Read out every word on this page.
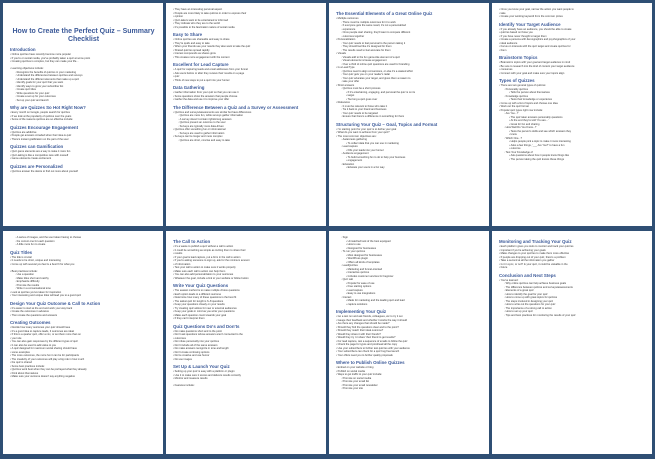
How to Create the Perfect Quiz – Summary Checklist
Introduction
• Online quizzes have recently become more popular
• If you're on social media, you've probably taken a quiz at some point
• Creating quizzes is complex, but they can make your life...
• Learning objectives include:
◦ Recognize the benefits of quizzes in your marketing
◦ Understand the differences between quizzes and surveys
◦ Understand the different elements that make up a quiz
◦ Identify goals for your quiz that you want
◦ Identify ways to grow your subscriber list
◦ Create quiz titles
◦ Write questions for your quiz
◦ Create a set up for your outcomes
◦ Set up your quiz and launch
Why are Quizzes So Hot Right Now?
• Every month on Google, people search for quizzes
• If we look at the popularity of quizzes over the years
• Some of the reasons quizzes are so effective include:
Quizzes Encourage Engagement
• Quizzes are addictive
• People get answers crowded when their idea is quiz
• There's instant gratification on the part of the user
Quizzes can Gamification
• Quiz game elements are a way to make it more fun
• Quiz-taking is like a competitive race with oneself
• Game elements create excitement
Quizzes are Personalized
• Quizzes answer the desire to find out more about yourself
• They have an interesting personal aspect
• People are more likely to take quizzes in order to express their
• opinion
• Quiz-takers want to be entertained or informed
• They indicate who they are to the world
• It's possible to the fascination nature of social media
Easy to Share
• Online quizzes are shareable and easy to share
• They're quick and easy to take
• When your friends see your results they also want to take the quiz
• Shared quizzes spread rapidly
• Interest compounds as shares grow
• This creates more engagement with the content
Excellent for Lead Capture
• A quiz for capturing leads and email addresses from your funnel
• Ask users before or after they receive their results on a page
• quiz
• Think of new ways to put a quiz into your funnel
Data Gathering
• Gather information from your quiz so that you can use it
• Some questions show the answers that people choose
• Gather the data and use it to improve your offer
The Difference Between a Quiz and a Survey or Assessment
• Quizzes and surveys/assessments are similar but have differences
◦ Quizzes are more fun, while surveys gather information
◦ A survey doesn't contain right/wrong answers
◦ Quizzes present an outcome to the user
◦ Surveys are typically more data-driven
• Quizzes offer something fun or informational
◦ Surveys are used to gather information
• Surveys can be longer and more complex
◦ Quizzes are short, concise and easy to take
The Essential Elements of a Great Online Quiz
• Multiple outcomes
◦ There must be multiple outcomes for it to work
◦ If everyone gets the same result, it's not a personalized
◦ experience
◦ Once people start sharing, they'll want to compare different
◦ outcomes together
• Personalization
◦ Your quiz needs to feel personal to the person taking it
◦ They should feel like it's designed for them
◦ The results need to feel accurate for them
• Visuals
◦ Visuals add to the fun game-like element of a quiz
◦ Visual elements increase engagement
◦ Over a third of online quiz questions are used for branding
• Is a Lead Type
◦ Quizzes need to align conversions, or else it's a wasted effort
◦ Your quiz gets you on your reader's radar
◦ Your quiz educates your target, and gives them a reason to
◦ take your offer
• Short answers
◦ Quizzes must be a short process
▪ If it's entertaining, engaging, and personal the quiz is on its
▪ target
▪ Too long a quiz goes over
• Relevance
◦ It must be relevant to those who take it
◦ Tie it back to your brand and business
◦ Your quiz needs to be targeted
◦ Ensure that there's a difference in something for them
Structuring Your Quiz – Goal, Topics and Format
• I'm starting point for your quiz is to define your goal
• What do you want to achieve from your quiz?
• The most common objectives are:
◦ Awareness gathering
▪ To collect data that you can use in marketing
◦ Lead capture
▪ Fills your leads into your funnel
◦ Audience engagement
▪ To build something fun to do to help your business
▪ engagement
◦ Education
▪ Educate your users in a fun way
• Once you know your goal, narrow the action you want people to
• take
• Create your working keyword from the common prices
Identify Your Target Audience
• If you already have an audience, you should be able to create
• quizzes based on those you
• If you have never thought to target them
• Create a persona with demographics and psychographics of your
• ideal audience
• Focus on interests with the quiz target and create quizzes for
• them
Brainstorm Topics
• Brainstorm topics with your goal and target audience in mind
• Be sure to research into the kind of content your target audience
• consumes
• Connect with your goal and make sure your topics align
Types of Quizzes
• There are two general types of quizzes:
◦ Personality quizzes
▪ Tells the person about themselves
◦ Knowledge quizzes
▪ Tests their knowledge or experience
• Come up with a list of topics and choose one idea
• Work out the quiz format
• Popular quiz types right now include:
◦ Are You...?
▪ The quiz taker answers personality questions
▪ At the end they're told 'You are...'
▪ Great for fun and sharing
◦ How Well Do You Know...?
▪ Tests the person's skills and see which answers they
▪ know
◦ Which One...?
▪ Helps people pick a topic to make it more interesting
▪ Asks a few things, '___ Are You?' to have a fun
▪ outcome
◦ Test Your Knowledge of
▪ Ask questions about how it people know things like
▪ The person taking the quiz knows these things
◦ A series of images, and the user taken having to choose
◦ the correct one for each question
◦ A little more fun to create
Quiz Titles
• The title is crucial
• It needs to be short, unique and interesting
• Come up with several you feel is a best fit for what you
• Best practices include:
◦ Use a question
◦ Make titles short and catchy
◦ Emphasize difficulty
◦ Promote the results
◦ Write in a conversational tone
• Look at quizzes you've taken for inspiration
• Your interesting and unique titles will lead you to a good quiz
Design Your Quiz Outcome & Call to Action
• It's easier to start at the end and work your way back
• Create the outcomes in advance
• Then create the questions and answers
Creating Outcomes
• Decide how many outcomes your quiz should have
• It's a good idea to capture leads, 3 outcomes are ideal
• If this is a quarter quiz, offer a mix, or set them more than on
• your site
• You can also gain responses by the different types of quiz
• It can also be used to add value to you
• A quiz designed for maximum social sharing should have
• some examples
• The more outcomes, the more fun it can be for participants
• The creativity of your outcomes will play a big role in how much
• the quiz is shared
• Some best practices include:
• Quizzes work best when they can be portrayed what they already
• think about themselves
• Make sure your outcome doesn't say anything negative
The Call to Action
• It's a waste to publish a quiz without a call to action
• It could be something as simple as inviting them to share their
• results
• If your goal is lead capture, put a form in the call to action
• If you're asking someone to sign up, ask for the minimum amount
• of information
• Test your call to action to make sure it works properly
• Make sure each call to action can help them
• You can also add personalization to your outcomes
• Whatever the goal, include a link to your website or follow button
Write Your Quiz Questions
• The easiest method is to make multiple choice questions
• Each option leads to a different outcome
• Determine how many of these questions is the best fit
• The safest quiz for length is 6–8 questions
• Keep your questions closely on your results
• Try creating quiz advice for new or external audiences
• Keep your goals in mind as you write your questions
• Make each question count towards your goal
• If they can't interpret them
Quiz Questions Do's and Don'ts
• Do make questions short and to the point
• Don't ask questions whose answers aren't connected to the
• outcomes
• Do infuse personality into your quizzes
• Don't include all of the same answers
• Do make answers recognize in tone and length
• Don't create confusing options
• Do be creative and use humor
• Do use images
Set Up & Launch Your Quiz
• Setting up your quiz is easy with a platform or plugin
• Use it to make sure it scores and delivers results correctly
• Monitor and measure results
• Features include:
◦ Sign
▪ Unmatched look of the best equipped
▪ How to use
▪ Designed for businesses
◦ To run your quizzes
▪ Most designed for businesses
▪ WordPress plugin
▪ Offers all kinds of templates
◦ LeadQuizzes
▪ Marketing and funnel-oriented
▪ Interactive quizzes
▪ Includes customer services for beginner
◦ Quiz Lab
▪ Popular for ease of use
▪ Free starting options
▪ Lead capture
▪ Easy to use integrations
◦ Interact
▪ Made for marketing and the leading quiz and lead
▪ capture solutions
Implementing Your Quiz
• Go a test run and ask friends, colleagues, etc to try it out
• Gauge their feedback and whether it works the way it should
• Are there any changes that should be made?
• Should they find the questions clear and to the point?
• Should they match their ideal outcome?
• Would they share it with their friends?
• Would they try 'or share' their friend to get results?
• For lead capture, test a sequence of emails to follow the quiz
• Check the page for typos and proofread all the copy
• Use your subscribers to further test quizzes with your audience
• Your subscribers can check for a quiz bug free launch
• Your offers need you to further quality proposals
Where to Publish Online Quizzes
• Embed on your website or blog
• Publish on social media
• Ways to get traffic to your quiz include:
◦ Promote on social media
◦ Promote your email list
◦ Promote your email newsletter
◦ Promote your site
Monitoring and Tracking Your Quiz
• Each platform gives you tools to monitor and track your quizzes
• Important if you're achieving your goals
• Make changes to your quizzes to make them more effective
• If people are dropping out of your quiz, there's a problem
• Take a second at all the information you gather
• Is it in sync, or not? Is your quiz, it could be valuable in the
• future
Conclusion and Next Steps
• You've learned:
◦ Why online quizzes can help achieve business goals
◦ The difference between quizzes and surveys/assessments
◦ Elements of a great quiz
◦ How to identify the goal for your quiz
◦ How to come up with great topics for quizzes
◦ The steps involved in designing your quiz
◦ How to write out the questions for your quiz
◦ The importance of a strong call to action
◦ How to set up your quiz
◦ Tips and best practices for monitoring the results of your quiz
